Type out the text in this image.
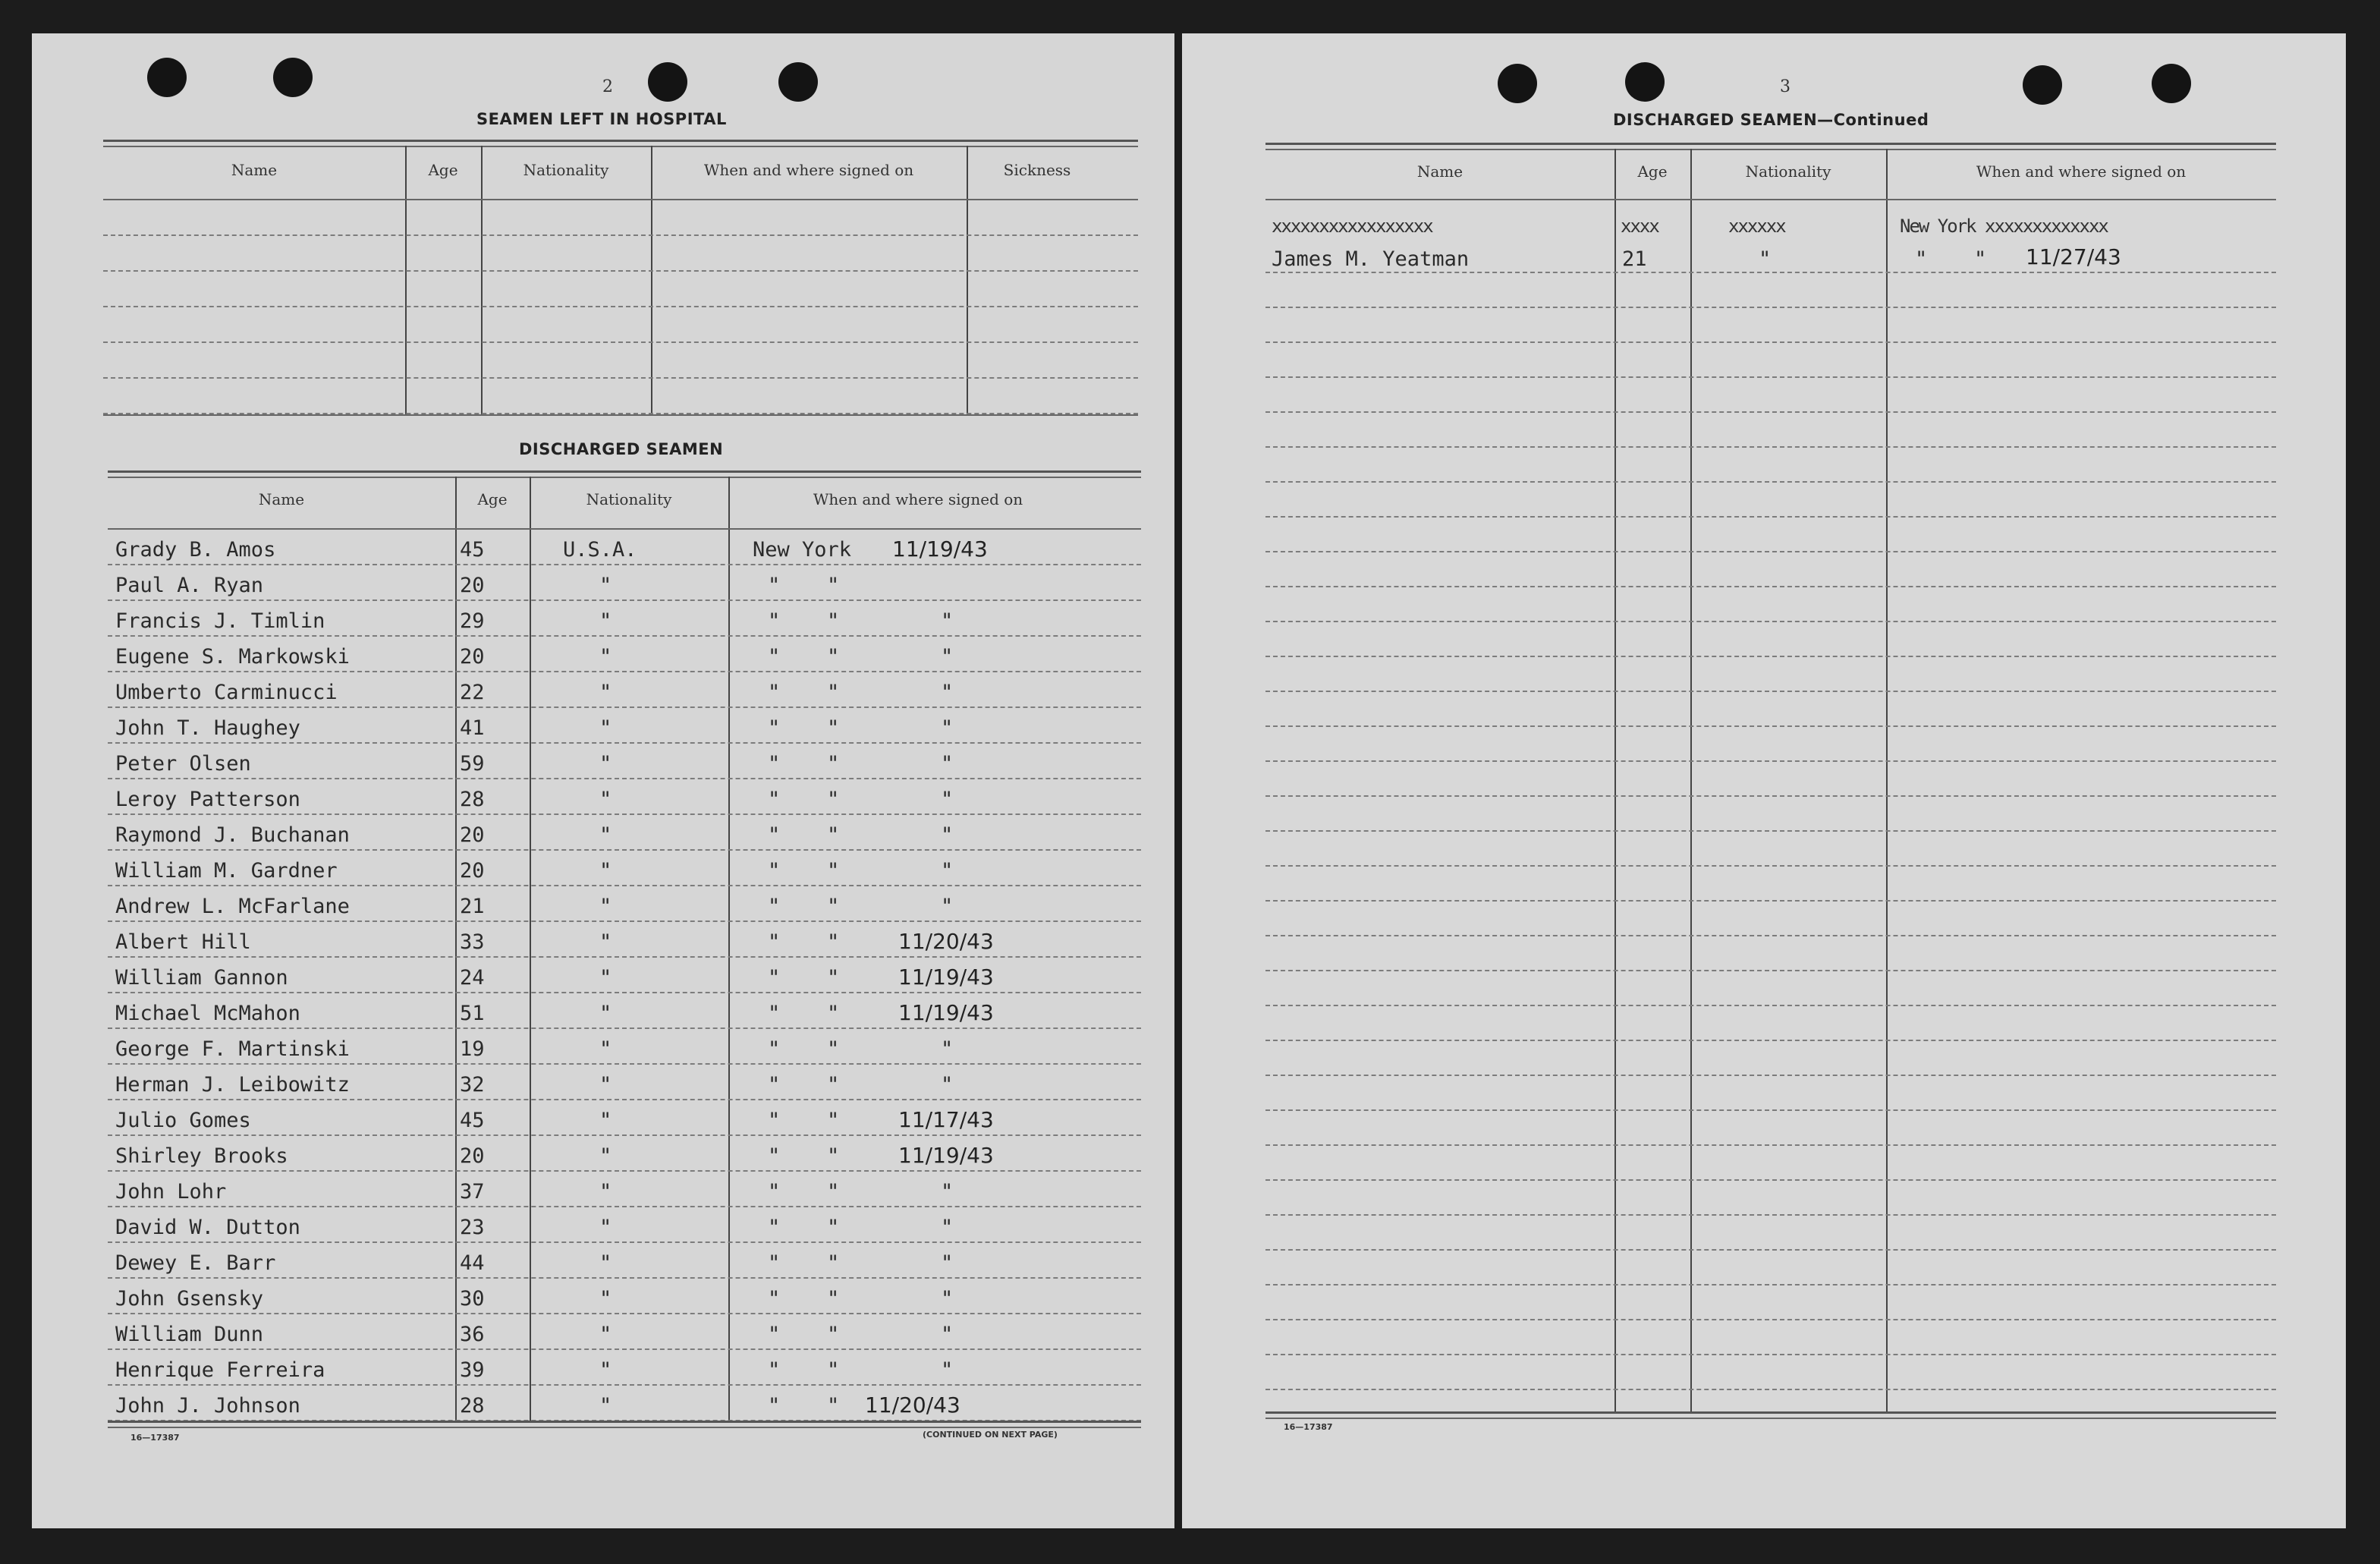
2
SEAMEN LEFT IN HOSPITAL
Name	Age	Nationality	When and where signed on	Sickness
DISCHARGED SEAMEN
Name	Age	Nationality	When and where signed on
Grady B. Amos	45	U.S.A.	New York 11/19/43
Paul A. Ryan	20	"	" "
Francis J. Timlin	29	"	" "	"
Eugene S. Markowski	20	"	" "	"
Umberto Carminucci	22	"	" "	"
John T. Haughey	41	"	" "	"
Peter Olsen	59	"	" "	"
Leroy Patterson	28	"	" "	"
Raymond J. Buchanan	20	"	" "	"
William M. Gardner	20	"	" "	"
Andrew L. McFarlane	21	"	" "	"
Albert Hill	33	"	" "	11/20/43
William Gannon	24	"	" "	11/19/43
Michael McMahon	51	"	" "	11/19/43
George F. Martinski	19	"	" "	"
Herman J. Leibowitz	32	"	" "	"
Julio Gomes	45	"	" "	11/17/43
Shirley Brooks	20	"	" "	11/19/43
John Lohr	37	"	" "	"
David W. Dutton	23	"	" "	"
Dewey E. Barr	44	"	" "	"
John Gsensky	30	"	" "	"
William Dunn	36	"	" "	"
Henrique Ferreira	39	"	" "	"
John J. Johnson	28	"	" " 11/20/43
16—17387	(CONTINUED ON NEXT PAGE)
3
DISCHARGED SEAMEN—Continued
Name	Age	Nationality	When and where signed on
xxxxxxxxxxxxxxxxx	xxxx	xxxxxx	New York xxxxxxxxxxxxx
James M. Yeatman	21	"	" " 11/27/43
16—17387
